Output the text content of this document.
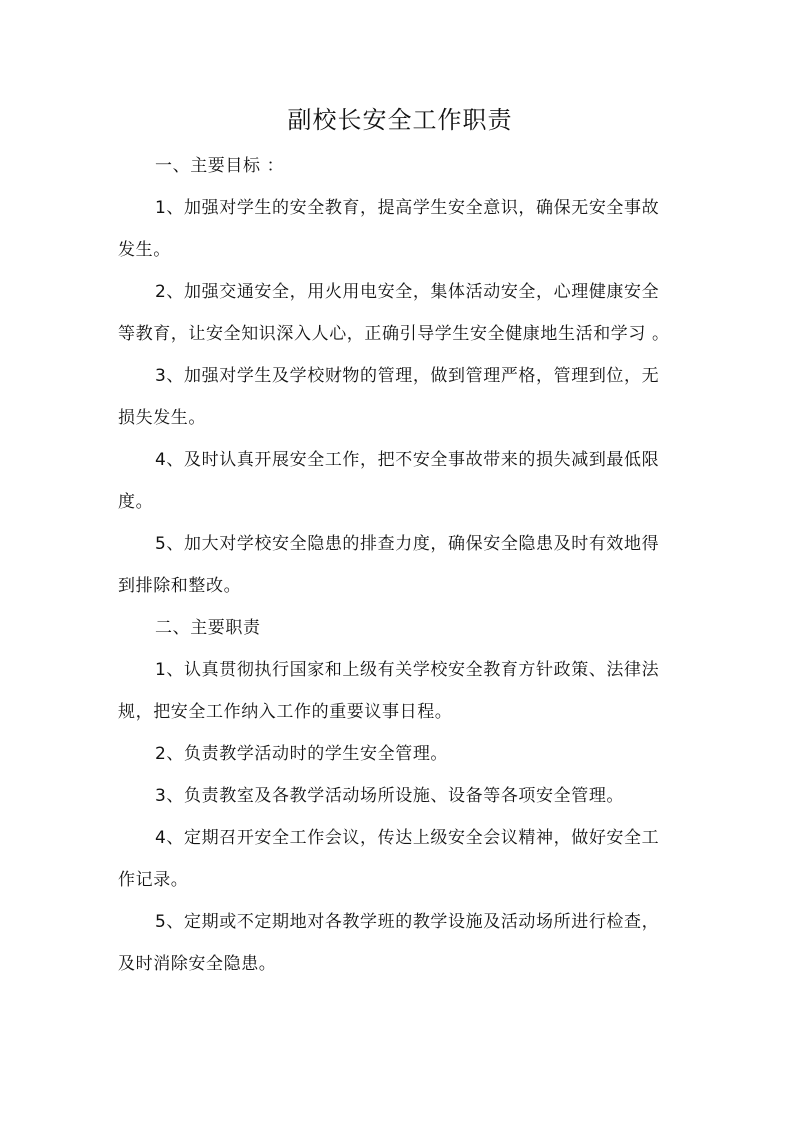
副校长安全工作职责
一、主要目标 ：
1、加强对学生的安全教育，提高学生安全意识，确保无安全事故
发生。
2、加强交通安全，用火用电安全，集体活动安全，心理健康安全
等教育，让安全知识深入人心，正确引导学生安全健康地生活和学习 。
3、加强对学生及学校财物的管理，做到管理严格，管理到位，无
损失发生。
4、及时认真开展安全工作，把不安全事故带来的损失减到最低限
度。
5、加大对学校安全隐患的排查力度，确保安全隐患及时有效地得
到排除和整改。
二、主要职责
1、认真贯彻执行国家和上级有关学校安全教育方针政策、法律法
规，把安全工作纳入工作的重要议事日程。
2、负责教学活动时的学生安全管理。
3、负责教室及各教学活动场所设施、设备等各项安全管理。
4、定期召开安全工作会议，传达上级安全会议精神，做好安全工
作记录。
5、定期或不定期地对各教学班的教学设施及活动场所进行检查，
及时消除安全隐患。
